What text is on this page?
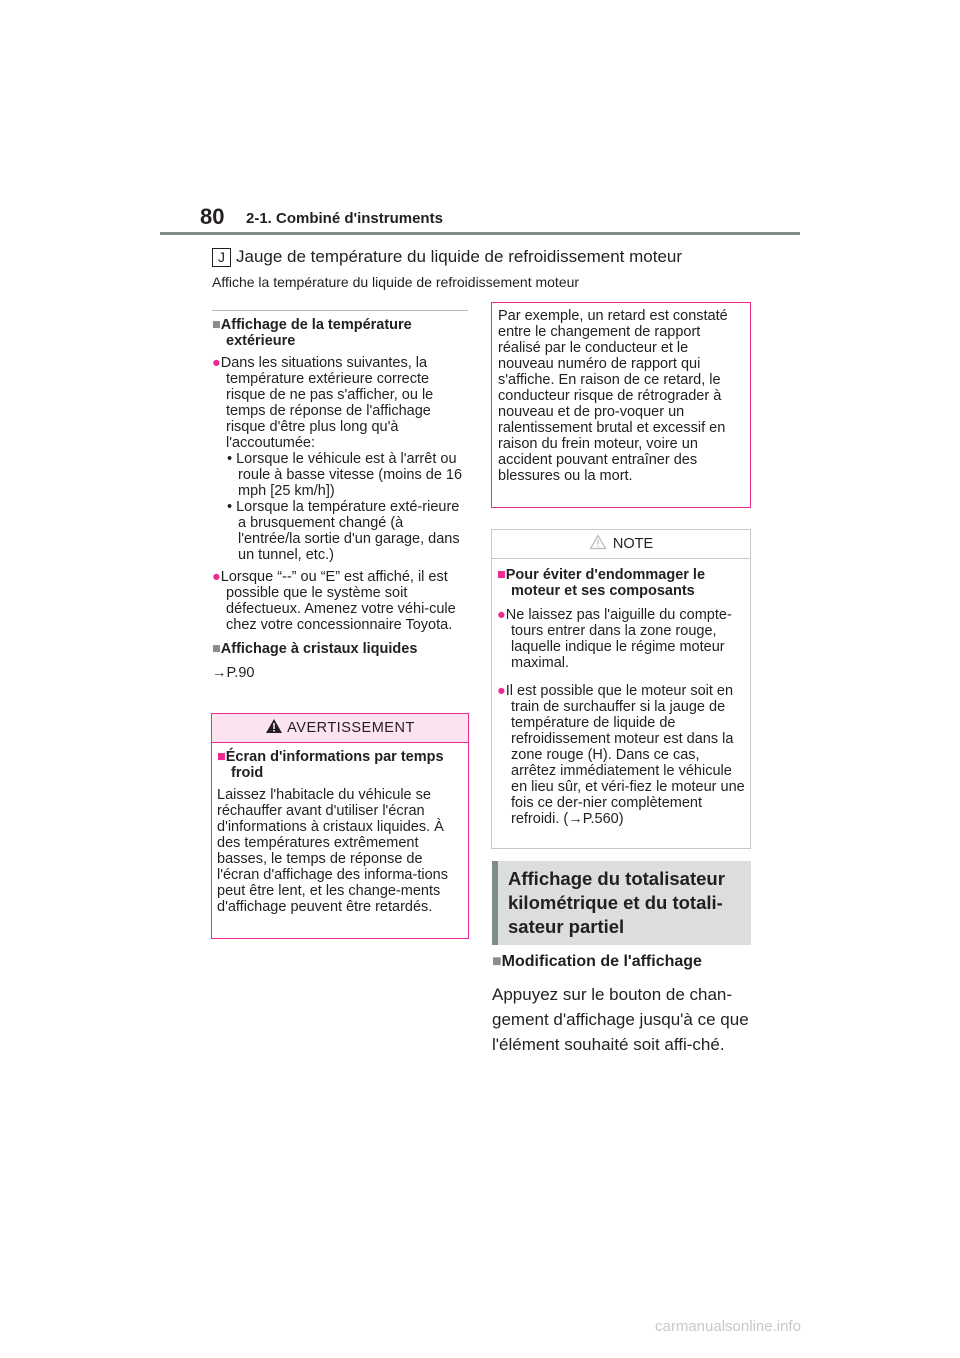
80 2-1. Combiné d'instruments
J Jauge de température du liquide de refroidissement moteur
Affiche la température du liquide de refroidissement moteur
■Affichage de la température extérieure
●Dans les situations suivantes, la température extérieure correcte risque de ne pas s'afficher, ou le temps de réponse de l'affichage risque d'être plus long qu'à l'accoutumée:
• Lorsque le véhicule est à l'arrêt ou roule à basse vitesse (moins de 16 mph [25 km/h])
• Lorsque la température exté-rieure a brusquement changé (à l'entrée/la sortie d'un garage, dans un tunnel, etc.)
●Lorsque “--” ou “E” est affiché, il est possible que le système soit défectueux. Amenez votre véhi-cule chez votre concessionnaire Toyota.
■Affichage à cristaux liquides
→P.90
AVERTISSEMENT
■Écran d'informations par temps froid
Laissez l'habitacle du véhicule se réchauffer avant d'utiliser l'écran d'informations à cristaux liquides. À des températures extrêmement basses, le temps de réponse de l'écran d'affichage des informa-tions peut être lent, et les change-ments d'affichage peuvent être retardés.
Par exemple, un retard est constaté entre le changement de rapport réalisé par le conducteur et le nouveau numéro de rapport qui s'affiche. En raison de ce retard, le conducteur risque de rétrograder à nouveau et de pro-voquer un ralentissement brutal et excessif en raison du frein moteur, voire un accident pouvant entraîner des blessures ou la mort.
NOTE
■Pour éviter d'endommager le moteur et ses composants
●Ne laissez pas l'aiguille du compte-tours entrer dans la zone rouge, laquelle indique le régime moteur maximal.
●Il est possible que le moteur soit en train de surchauffer si la jauge de température de liquide de refroidissement moteur est dans la zone rouge (H). Dans ce cas, arrêtez immédiatement le véhicule en lieu sûr, et véri-fiez le moteur une fois ce der-nier complètement refroidi. (→P.560)
Affichage du totalisateur kilométrique et du totali-sateur partiel
■Modification de l'affichage
Appuyez sur le bouton de chan-gement d'affichage jusqu'à ce que l'élément souhaité soit affi-ché.
carmanualsonline.info
